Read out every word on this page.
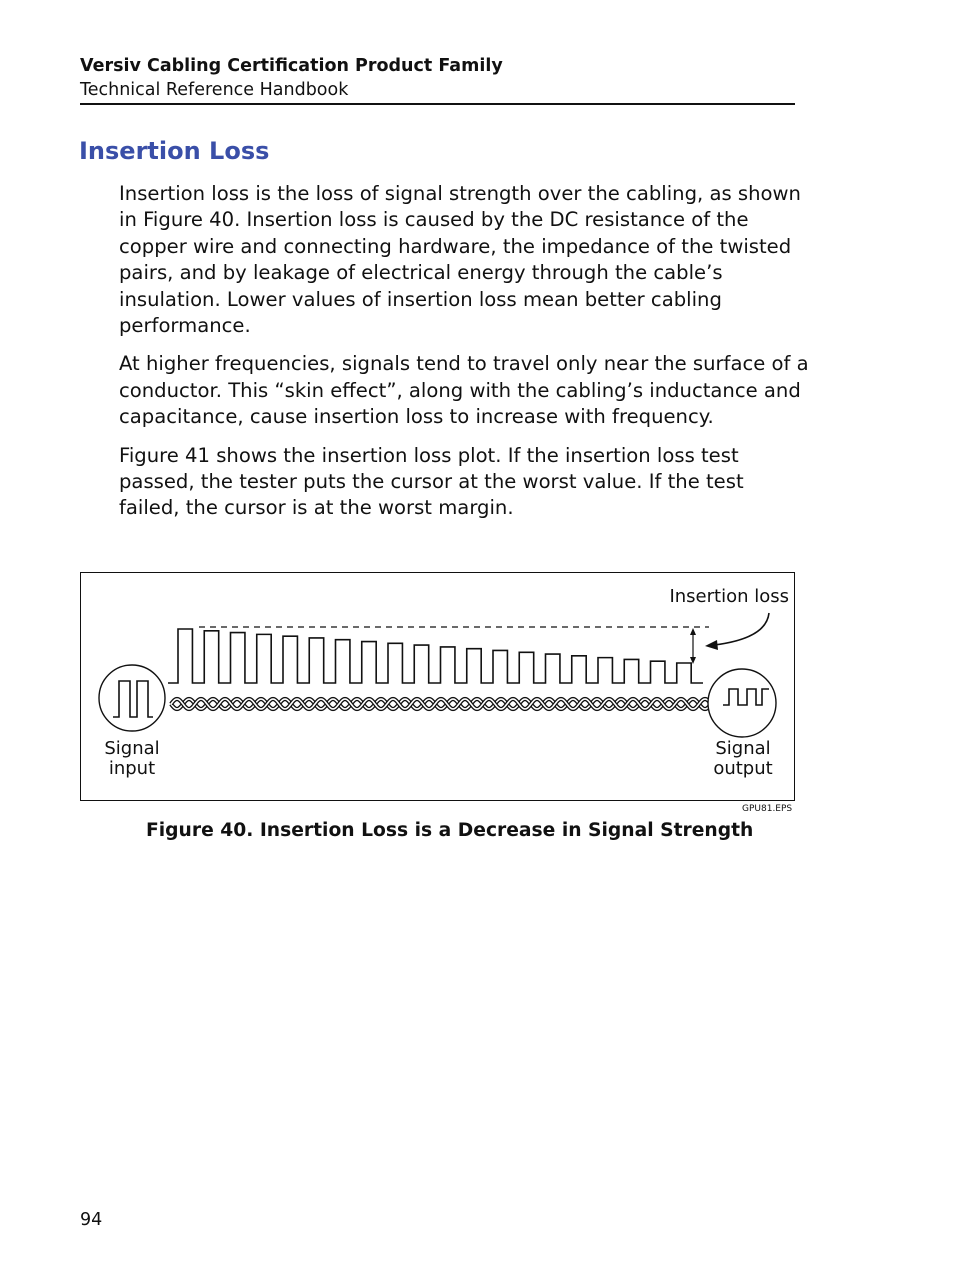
Versiv Cabling Certification Product Family
Technical Reference Handbook
Insertion Loss

Insertion loss is the loss of signal strength over the cabling, as shown in Figure 40. Insertion loss is caused by the DC resistance of the copper wire and connecting hardware, the impedance of the twisted pairs, and by leakage of electrical energy through the cable’s insulation. Lower values of insertion loss mean better cabling performance.

At higher frequencies, signals tend to travel only near the surface of a conductor. This “skin effect”, along with the cabling’s inductance and capacitance, cause insertion loss to increase with frequency.

Figure 41 shows the insertion loss plot. If the insertion loss test passed, the tester puts the cursor at the worst value. If the test failed, the cursor is at the worst margin.

Insertion loss
Signal
input
Signal
output
GPU81.EPS
Figure 40. Insertion Loss is a Decrease in Signal Strength
94
